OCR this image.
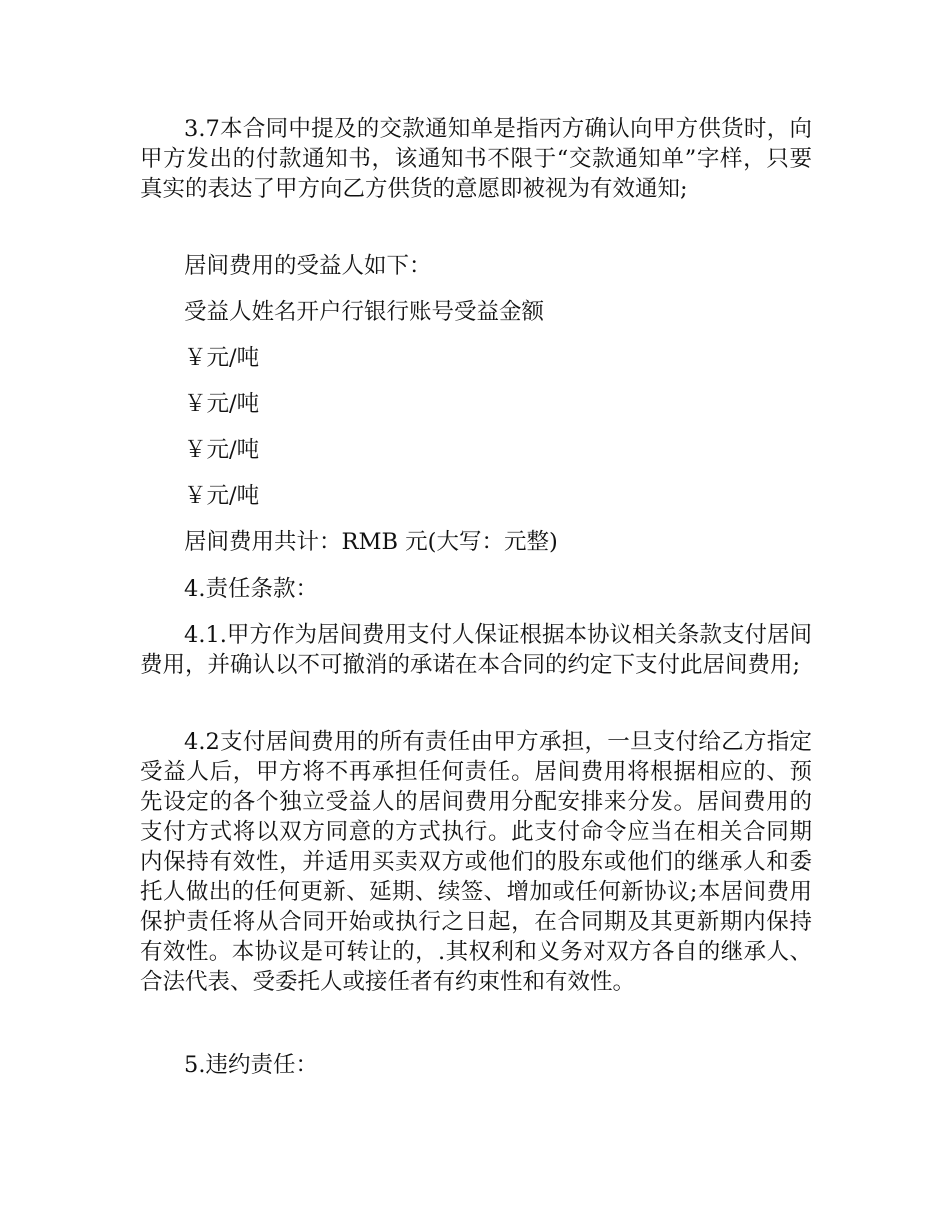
3.7本合同中提及的交款通知单是指丙方确认向甲方供货时，向甲方发出的付款通知书，该通知书不限于“交款通知单”字样，只要真实的表达了甲方向乙方供货的意愿即被视为有效通知;

居间费用的受益人如下：

受益人姓名开户行银行账号受益金额

￥元/吨

￥元/吨

￥元/吨

￥元/吨

居间费用共计：RMB 元(大写：元整)

4.责任条款：

4.1.甲方作为居间费用支付人保证根据本协议相关条款支付居间费用，并确认以不可撤消的承诺在本合同的约定下支付此居间费用;

4.2支付居间费用的所有责任由甲方承担，一旦支付给乙方指定受益人后，甲方将不再承担任何责任。居间费用将根据相应的、预先设定的各个独立受益人的居间费用分配安排来分发。居间费用的支付方式将以双方同意的方式执行。此支付命令应当在相关合同期内保持有效性，并适用买卖双方或他们的股东或他们的继承人和委托人做出的任何更新、延期、续签、增加或任何新协议;本居间费用保护责任将从合同开始或执行之日起，在合同期及其更新期内保持有效性。本协议是可转让的，.其权利和义务对双方各自的继承人、合法代表、受委托人或接任者有约束性和有效性。

5.违约责任：
